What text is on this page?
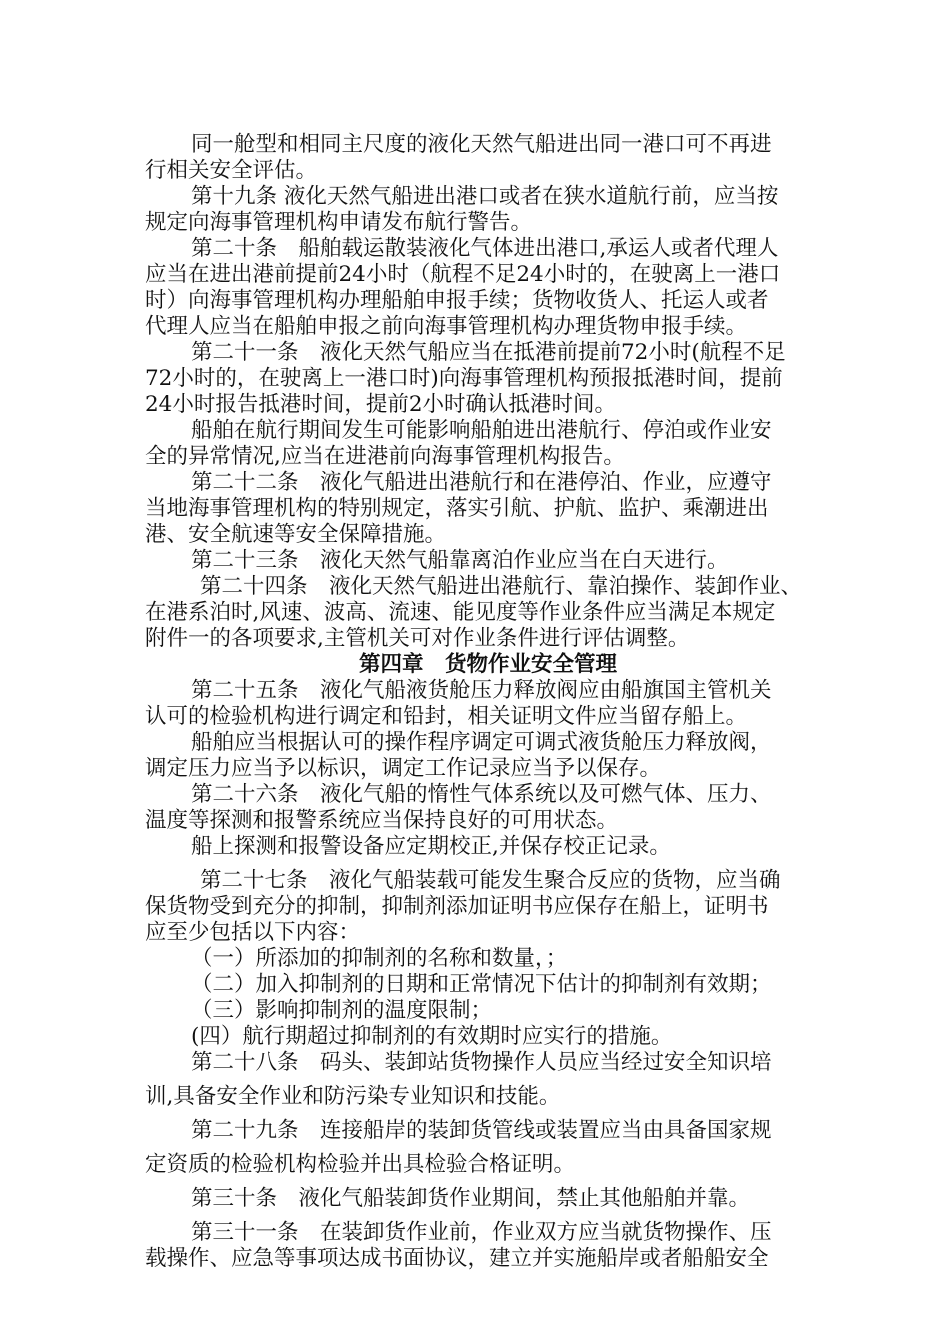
同一舱型和相同主尺度的液化天然气船进出同一港口可不再进
行相关安全评估。
第十九条 液化天然气船进出港口或者在狭水道航行前，应当按
规定向海事管理机构申请发布航行警告。
第二十条　船舶载运散装液化气体进出港口,承运人或者代理人
应当在进出港前提前24小时（航程不足24小时的，在驶离上一港口
时）向海事管理机构办理船舶申报手续；货物收货人、托运人或者
代理人应当在船舶申报之前向海事管理机构办理货物申报手续。
第二十一条　液化天然气船应当在抵港前提前72小时(航程不足
72小时的，在驶离上一港口时)向海事管理机构预报抵港时间，提前
24小时报告抵港时间，提前2小时确认抵港时间。
船舶在航行期间发生可能影响船舶进出港航行、停泊或作业安
全的异常情况,应当在进港前向海事管理机构报告。
第二十二条　液化气船进出港航行和在港停泊、作业，应遵守
当地海事管理机构的特别规定，落实引航、护航、监护、乘潮进出
港、安全航速等安全保障措施。
第二十三条　液化天然气船靠离泊作业应当在白天进行。
第二十四条　液化天然气船进出港航行、靠泊操作、装卸作业、
在港系泊时,风速、波高、流速、能见度等作业条件应当满足本规定
附件一的各项要求,主管机关可对作业条件进行评估调整。
第四章　货物作业安全管理
第二十五条　液化气船液货舱压力释放阀应由船旗国主管机关
认可的检验机构进行调定和铅封，相关证明文件应当留存船上。
船舶应当根据认可的操作程序调定可调式液货舱压力释放阀，
调定压力应当予以标识，调定工作记录应当予以保存。
第二十六条　液化气船的惰性气体系统以及可燃气体、压力、
温度等探测和报警系统应当保持良好的可用状态。
船上探测和报警设备应定期校正,并保存校正记录。
第二十七条　液化气船装载可能发生聚合反应的货物，应当确
保货物受到充分的抑制，抑制剂添加证明书应保存在船上，证明书
应至少包括以下内容：
（一）所添加的抑制剂的名称和数量，；
（二）加入抑制剂的日期和正常情况下估计的抑制剂有效期；
（三）影响抑制剂的温度限制；
(四）航行期超过抑制剂的有效期时应实行的措施。
第二十八条　码头、装卸站货物操作人员应当经过安全知识培
训,具备安全作业和防污染专业知识和技能。
第二十九条　连接船岸的装卸货管线或装置应当由具备国家规
定资质的检验机构检验并出具检验合格证明。
第三十条　液化气船装卸货作业期间，禁止其他船舶并靠。
第三十一条　在装卸货作业前，作业双方应当就货物操作、压
载操作、应急等事项达成书面协议，建立并实施船岸或者船船安全
